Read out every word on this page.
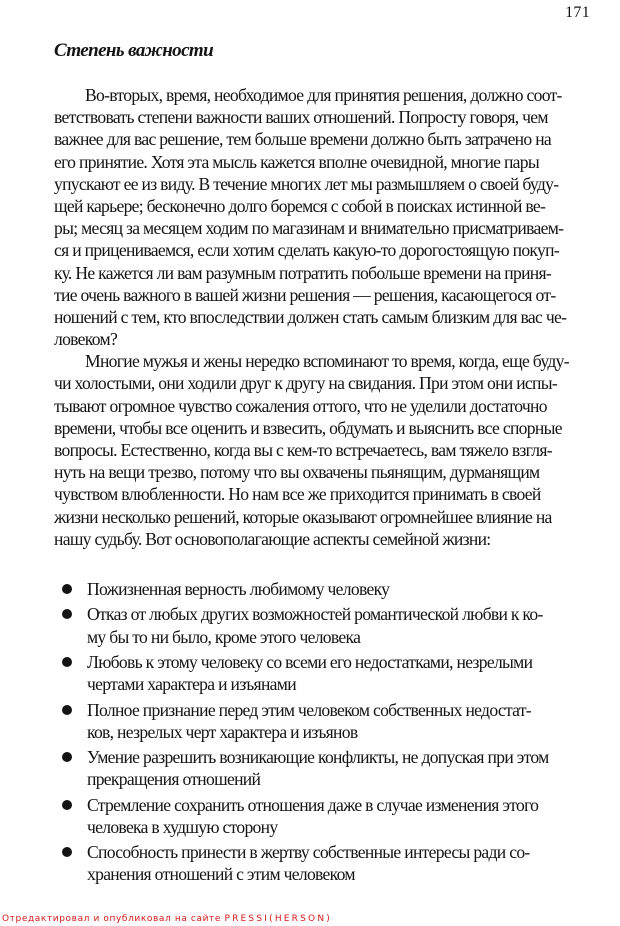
171
Степень важности
Во-вторых, время, необходимое для принятия решения, должно соот-
ветствовать степени важности ваших отношений. Попросту говоря, чем
важнее для вас решение, тем больше времени должно быть затрачено на
его принятие. Хотя эта мысль кажется вполне очевидной, многие пары
упускают ее из виду. В течение многих лет мы размышляем о своей буду-
щей карьере; бесконечно долго боремся с собой в поисках истинной ве-
ры; месяц за месяцем ходим по магазинам и внимательно присматриваем-
ся и прицениваемся, если хотим сделать какую-то дорогостоящую покуп-
ку. Не кажется ли вам разумным потратить побольше времени на приня-
тие очень важного в вашей жизни решения — решения, касающегося от-
ношений с тем, кто впоследствии должен стать самым близким для вас че-
ловеком?
Многие мужья и жены нередко вспоминают то время, когда, еще буду-
чи холостыми, они ходили друг к другу на свидания. При этом они испы-
тывают огромное чувство сожаления оттого, что не уделили достаточно
времени, чтобы все оценить и взвесить, обдумать и выяснить все спорные
вопросы. Естественно, когда вы с кем-то встречаетесь, вам тяжело взгля-
нуть на вещи трезво, потому что вы охвачены пьянящим, дурманящим
чувством влюбленности. Но нам все же приходится принимать в своей
жизни несколько решений, которые оказывают огромнейшее влияние на
нашу судьбу. Вот основополагающие аспекты семейной жизни:
Пожизненная верность любимому человеку
Отказ от любых других возможностей романтической любви к ко-
му бы то ни было, кроме этого человека
Любовь к этому человеку со всеми его недостатками, незрелыми
чертами характера и изъянами
Полное признание перед этим человеком собственных недостат-
ков, незрелых черт характера и изъянов
Умение разрешить возникающие конфликты, не допуская при этом
прекращения отношений
Стремление сохранить отношения даже в случае изменения этого
человека в худшую сторону
Способность принести в жертву собственные интересы ради со-
хранения отношений с этим человеком
Отредактировал и опубликовал на сайте PRESSI(HERSON)
